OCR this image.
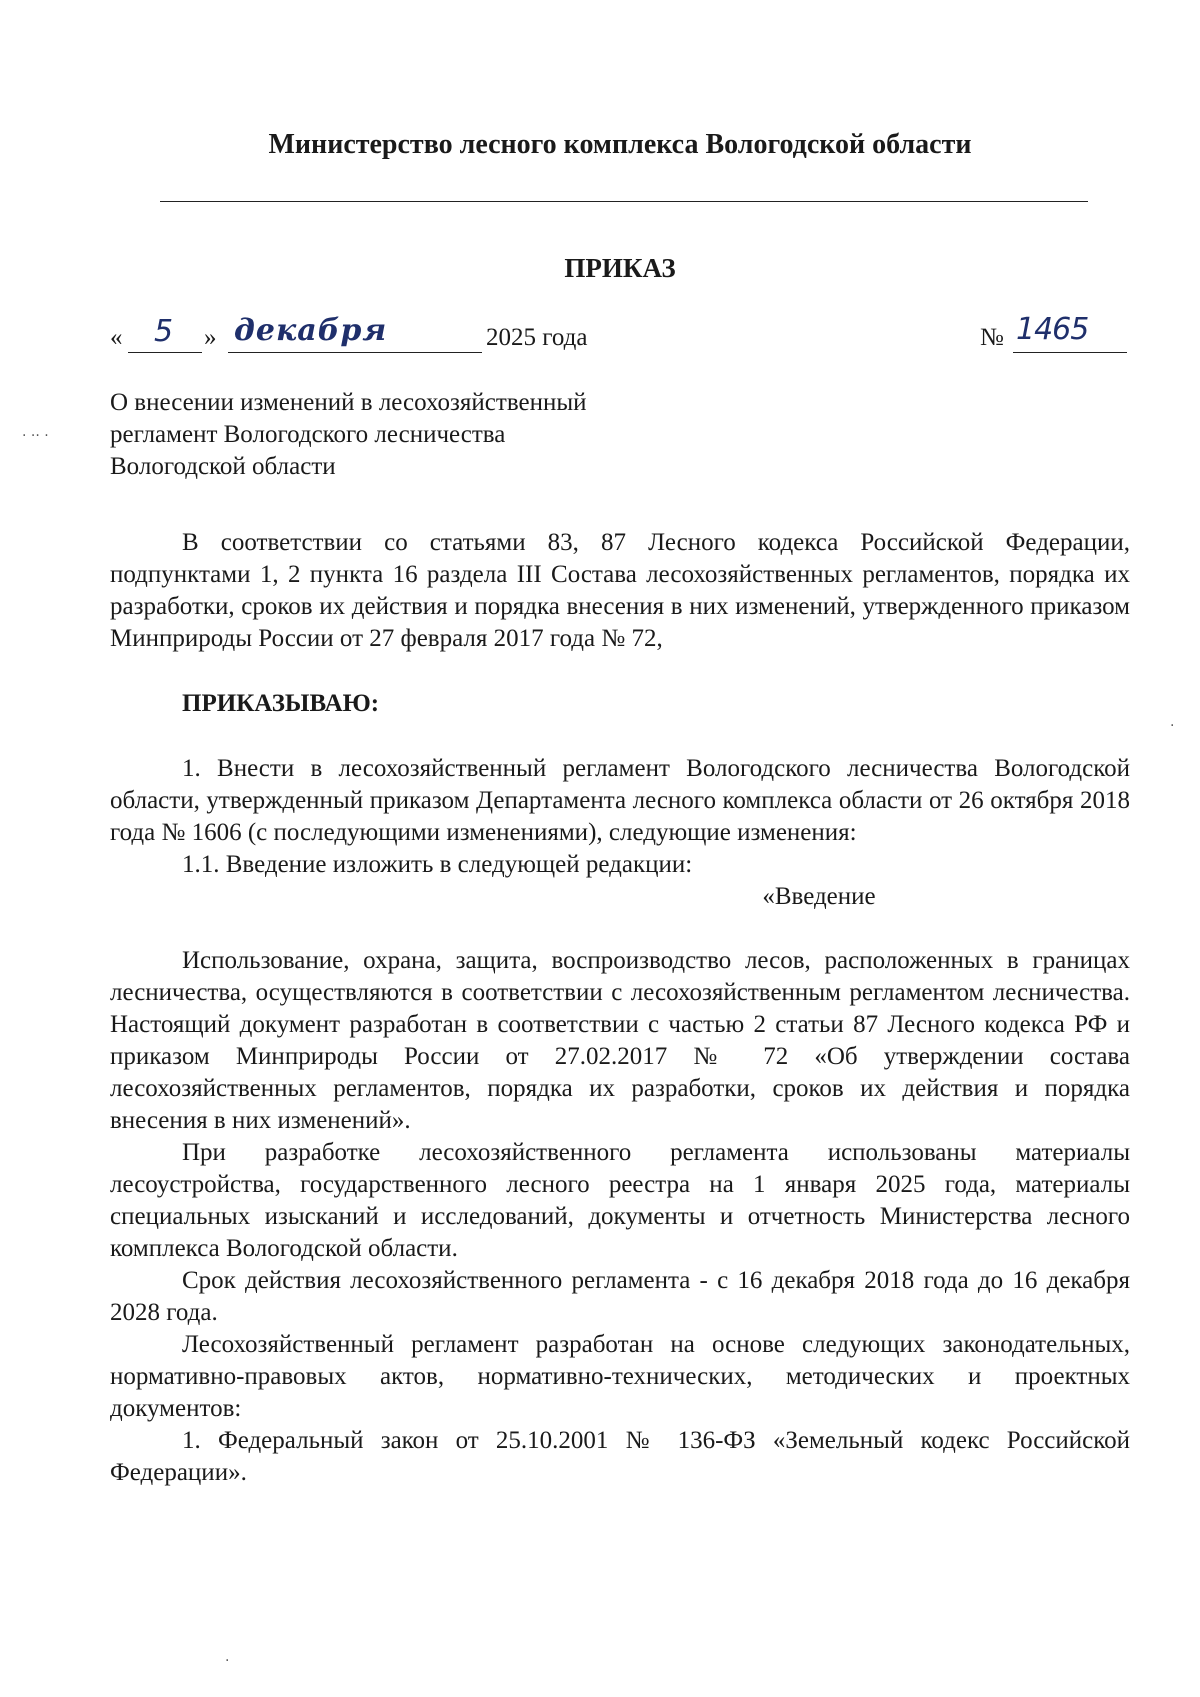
Министерство лесного комплекса Вологодской области
ПРИКАЗ
« 5 » декабря	2025 года	№ 1465
О внесении изменений в лесохозяйственный
регламент Вологодского лесничества
Вологодской области

В соответствии со статьями 83, 87 Лесного кодекса Российской Федерации, подпунктами 1, 2 пункта 16 раздела III Состава лесохозяйственных регламентов, порядка их разработки, сроков их действия и порядка внесения в них изменений, утвержденного приказом Минприроды России от 27 февраля 2017 года № 72,

ПРИКАЗЫВАЮ:

1. Внести в лесохозяйственный регламент Вологодского лесничества Вологодской области, утвержденный приказом Департамента лесного комплекса области от 26 октября 2018 года № 1606 (с последующими изменениями), следующие изменения:

1.1. Введение изложить в следующей редакции:

«Введение

Использование, охрана, защита, воспроизводство лесов, расположенных в границах лесничества, осуществляются в соответствии с лесохозяйственным регламентом лесничества. Настоящий документ разработан в соответствии с частью 2 статьи 87 Лесного кодекса РФ и приказом Минприроды России от 27.02.2017 № 72 «Об утверждении состава лесохозяйственных регламентов, порядка их разработки, сроков их действия и порядка внесения в них изменений».

При разработке лесохозяйственного регламента использованы материалы лесоустройства, государственного лесного реестра на 1 января 2025 года, материалы специальных изысканий и исследований, документы и отчетность Министерства лесного комплекса Вологодской области.

Срок действия лесохозяйственного регламента - с 16 декабря 2018 года до 16 декабря 2028 года.

Лесохозяйственный регламент разработан на основе следующих законодательных, нормативно-правовых актов, нормативно-технических, методических и проектных документов:

1. Федеральный закон от 25.10.2001 № 136-ФЗ «Земельный кодекс Российской Федерации».

· ·· ·
·
·
